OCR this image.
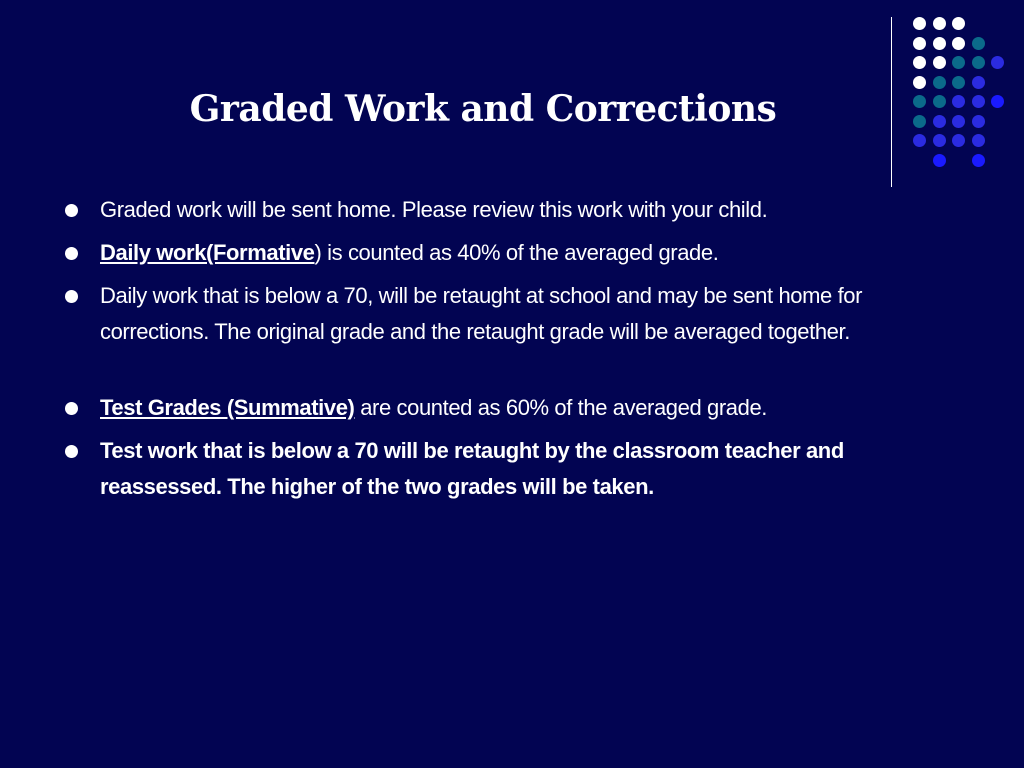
Graded Work and Corrections
Graded work will be sent home. Please review this work with your child.
Daily work(Formative) is counted as 40% of the averaged grade.
Daily work that is below a 70, will be retaught at school and may be sent home for corrections. The original grade and the retaught grade will be averaged together.
Test Grades (Summative) are counted as 60% of the averaged grade.
Test work that is below a 70 will be retaught by the classroom teacher and reassessed. The higher of the two grades will be taken.
